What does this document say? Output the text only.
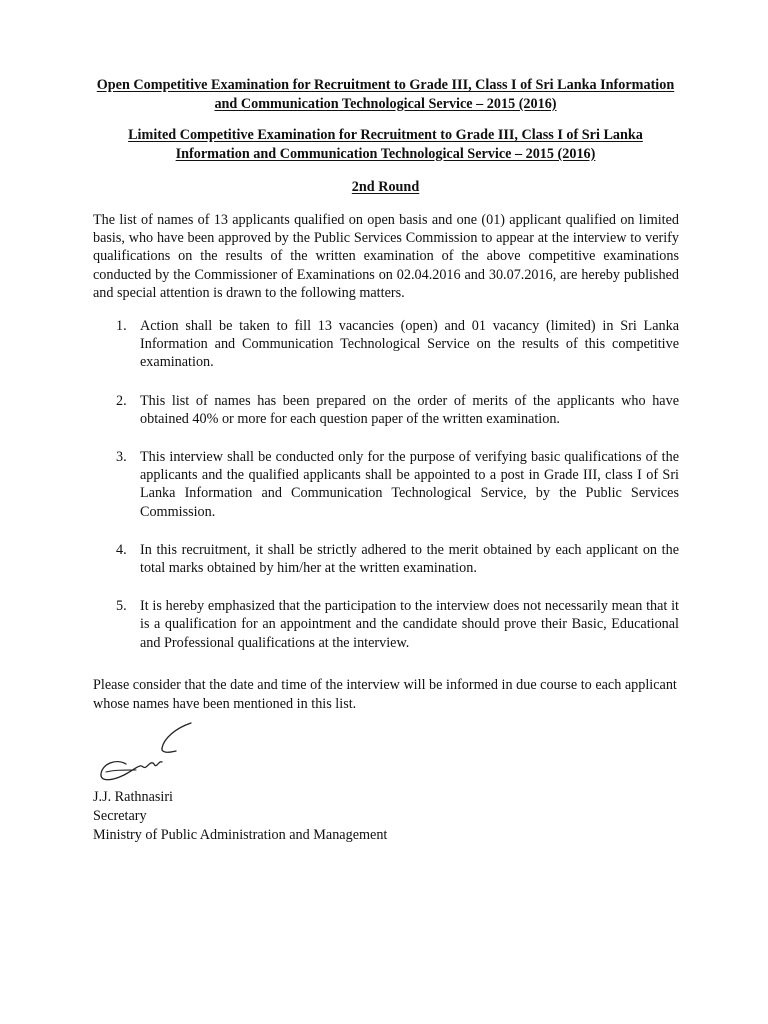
Open Competitive Examination for Recruitment to Grade III, Class I of Sri Lanka Information and Communication Technological Service – 2015 (2016)
Limited Competitive Examination for Recruitment to Grade III, Class I of Sri Lanka Information and Communication Technological Service – 2015 (2016)
2nd Round

The list of names of 13 applicants qualified on open basis and one (01) applicant qualified on limited basis, who have been approved by the Public Services Commission to appear at the interview to verify qualifications on the results of the written examination of the above competitive examinations conducted by the Commissioner of Examinations on 02.04.2016 and 30.07.2016, are hereby published and special attention is drawn to the following matters.

1. Action shall be taken to fill 13 vacancies (open) and 01 vacancy (limited) in Sri Lanka Information and Communication Technological Service on the results of this competitive examination.
2. This list of names has been prepared on the order of merits of the applicants who have obtained 40% or more for each question paper of the written examination.
3. This interview shall be conducted only for the purpose of verifying basic qualifications of the applicants and the qualified applicants shall be appointed to a post in Grade III, class I of Sri Lanka Information and Communication Technological Service, by the Public Services Commission.
4. In this recruitment, it shall be strictly adhered to the merit obtained by each applicant on the total marks obtained by him/her at the written examination.
5. It is hereby emphasized that the participation to the interview does not necessarily mean that it is a qualification for an appointment and the candidate should prove their Basic, Educational and Professional qualifications at the interview.

Please consider that the date and time of the interview will be informed in due course to each applicant whose names have been mentioned in this list.

J.J. Rathnasiri
Secretary
Ministry of Public Administration and Management
